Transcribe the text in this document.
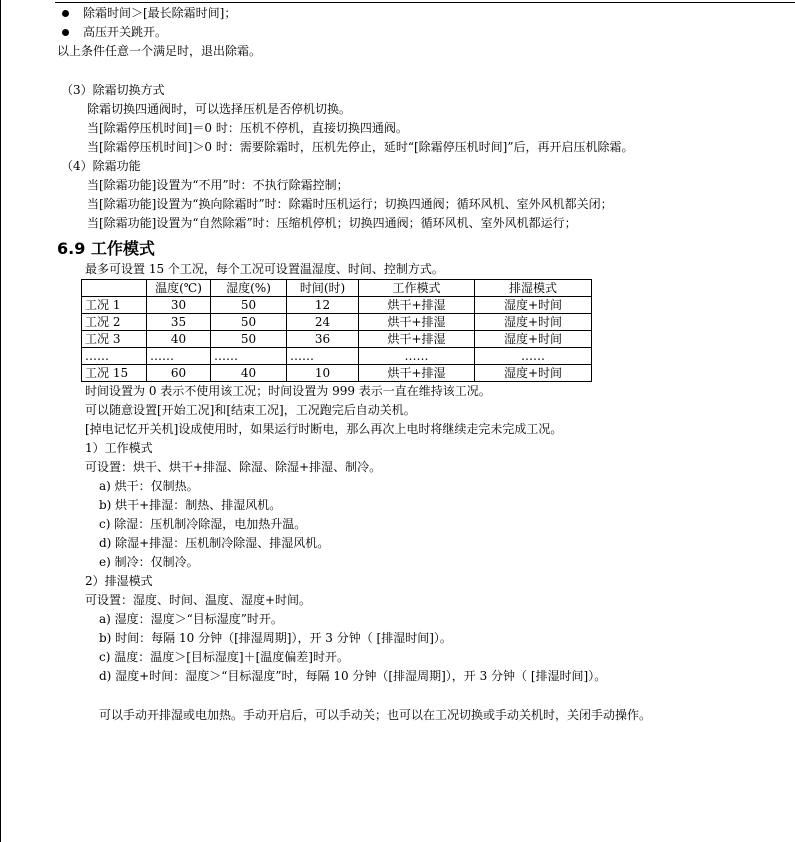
除霜时间＞[最长除霜时间]；
高压开关跳开。
以上条件任意一个满足时，退出除霜。
（3）除霜切换方式
除霜切换四通阀时，可以选择压机是否停机切换。
当[除霜停压机时间]＝0 时：压机不停机，直接切换四通阀。
当[除霜停压机时间]＞0 时：需要除霜时，压机先停止，延时“[除霜停压机时间]”后，再开启压机除霜。
（4）除霜功能
当[除霜功能]设置为“不用”时：不执行除霜控制；
当[除霜功能]设置为“换向除霜时”时：除霜时压机运行；切换四通阀；循环风机、室外风机都关闭；
当[除霜功能]设置为“自然除霜”时：压缩机停机；切换四通阀；循环风机、室外风机都运行；
6.9 工作模式
最多可设置 15 个工况，每个工况可设置温湿度、时间、控制方式。
	温度(℃)	湿度(%)	时间(时)	工作模式	排湿模式
工况 1	30	50	12	烘干+排湿	湿度+时间
工况 2	35	50	24	烘干+排湿	湿度+时间
工况 3	40	50	36	烘干+排湿	湿度+时间
……	……	……	……	……	……
工况 15	60	40	10	烘干+排湿	湿度+时间
时间设置为 0 表示不使用该工况；时间设置为 999 表示一直在维持该工况。
可以随意设置[开始工况]和[结束工况]，工况跑完后自动关机。
[掉电记忆开关机]设成使用时，如果运行时断电，那么再次上电时将继续走完未完成工况。
1）工作模式
可设置：烘干、烘干+排湿、除湿、除湿+排湿、制冷。
a) 烘干：仅制热。
b) 烘干+排湿：制热、排湿风机。
c) 除湿：压机制冷除湿，电加热升温。
d) 除湿+排湿：压机制冷除湿、排湿风机。
e) 制冷：仅制冷。
2）排湿模式
可设置：湿度、时间、温度、湿度+时间。
a) 湿度：湿度＞“目标湿度”时开。
b) 时间：每隔 10 分钟（[排湿周期]），开 3 分钟（ [排湿时间]）。
c) 温度：温度＞[目标湿度]＋[温度偏差]时开。
d) 湿度+时间：湿度＞“目标湿度”时，每隔 10 分钟（[排湿周期]），开 3 分钟（ [排湿时间]）。
可以手动开排湿或电加热。手动开启后，可以手动关；也可以在工况切换或手动关机时，关闭手动操作。
